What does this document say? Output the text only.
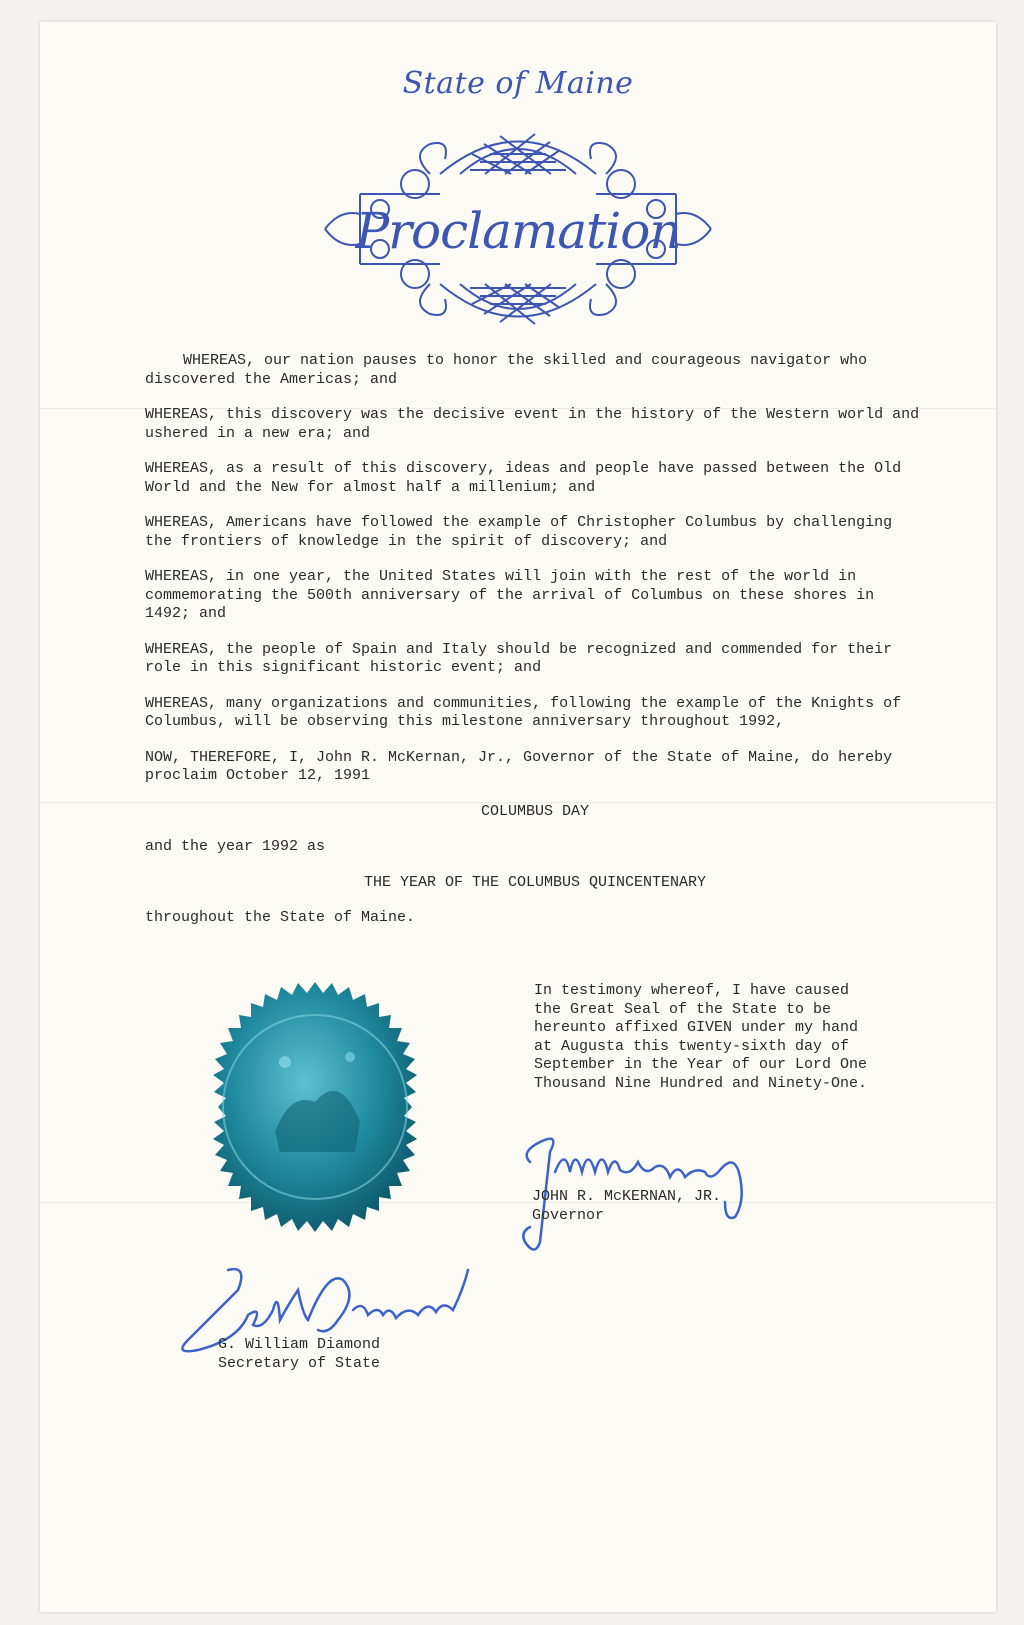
State of Maine
Proclamation

WHEREAS, our nation pauses to honor the skilled and courageous navigator who discovered the Americas; and

WHEREAS, this discovery was the decisive event in the history of the Western world and ushered in a new era; and

WHEREAS, as a result of this discovery, ideas and people have passed between the Old World and the New for almost half a millenium; and

WHEREAS, Americans have followed the example of Christopher Columbus by challenging the frontiers of knowledge in the spirit of discovery; and

WHEREAS, in one year, the United States will join with the rest of the world in commemorating the 500th anniversary of the arrival of Columbus on these shores in 1492; and

WHEREAS, the people of Spain and Italy should be recognized and commended for their role in this significant historic event; and

WHEREAS, many organizations and communities, following the example of the Knights of Columbus, will be observing this milestone anniversary throughout 1992,

NOW, THEREFORE, I, John R. McKernan, Jr., Governor of the State of Maine, do hereby proclaim October 12, 1991

COLUMBUS DAY

and the year 1992 as

THE YEAR OF THE COLUMBUS QUINCENTENARY

throughout the State of Maine.

In testimony whereof, I have caused the Great Seal of the State to be hereunto affixed GIVEN under my hand at Augusta this twenty-sixth day of September in the Year of our Lord One Thousand Nine Hundred and Ninety-One.
JOHN R. McKERNAN, JR.
Governor
G. William Diamond
Secretary of State
